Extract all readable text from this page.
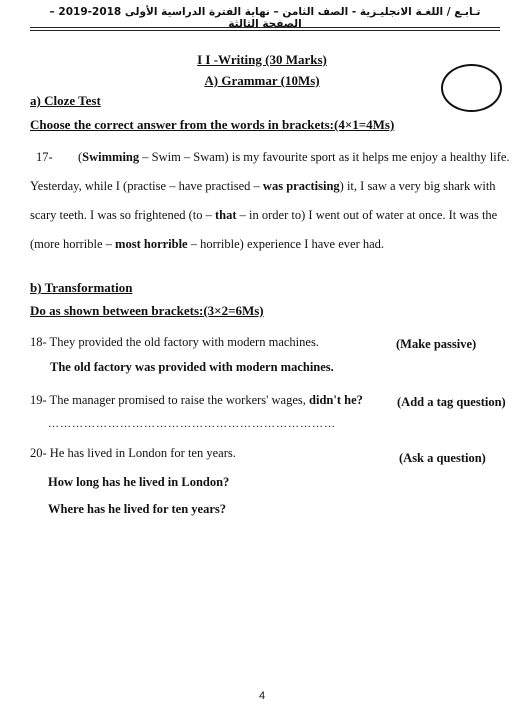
تـابـع / اللغـة الانجليـزية - الصف الثامن – نهاية الفترة الدراسية الأولى 2018-2019 – الصفحة الثالثة
I I -Writing (30 Marks)
A) Grammar (10Ms)
a) Cloze Test
Choose the correct answer from the words in brackets:(4×1=4Ms)
17- (Swimming – Swim – Swam) is my favourite sport as it helps me enjoy a healthy life.
Yesterday, while I (practise – have practised – was practising) it, I saw a very big shark with
scary teeth. I was so frightened (to – that – in order to) I went out of water at once. It was the
(more horrible – most horrible – horrible) experience I have ever had.
b) Transformation
Do as shown between brackets:(3×2=6Ms)
18- They provided the old factory with modern machines.	(Make passive)
The old factory was provided with modern machines.
19- The manager promised to raise the workers' wages, didn't he?	(Add a tag question)
………………………………………………………………
20- He has lived in London for ten years.	(Ask a question)
How long has he lived in London?
Where has he lived for ten years?
4
